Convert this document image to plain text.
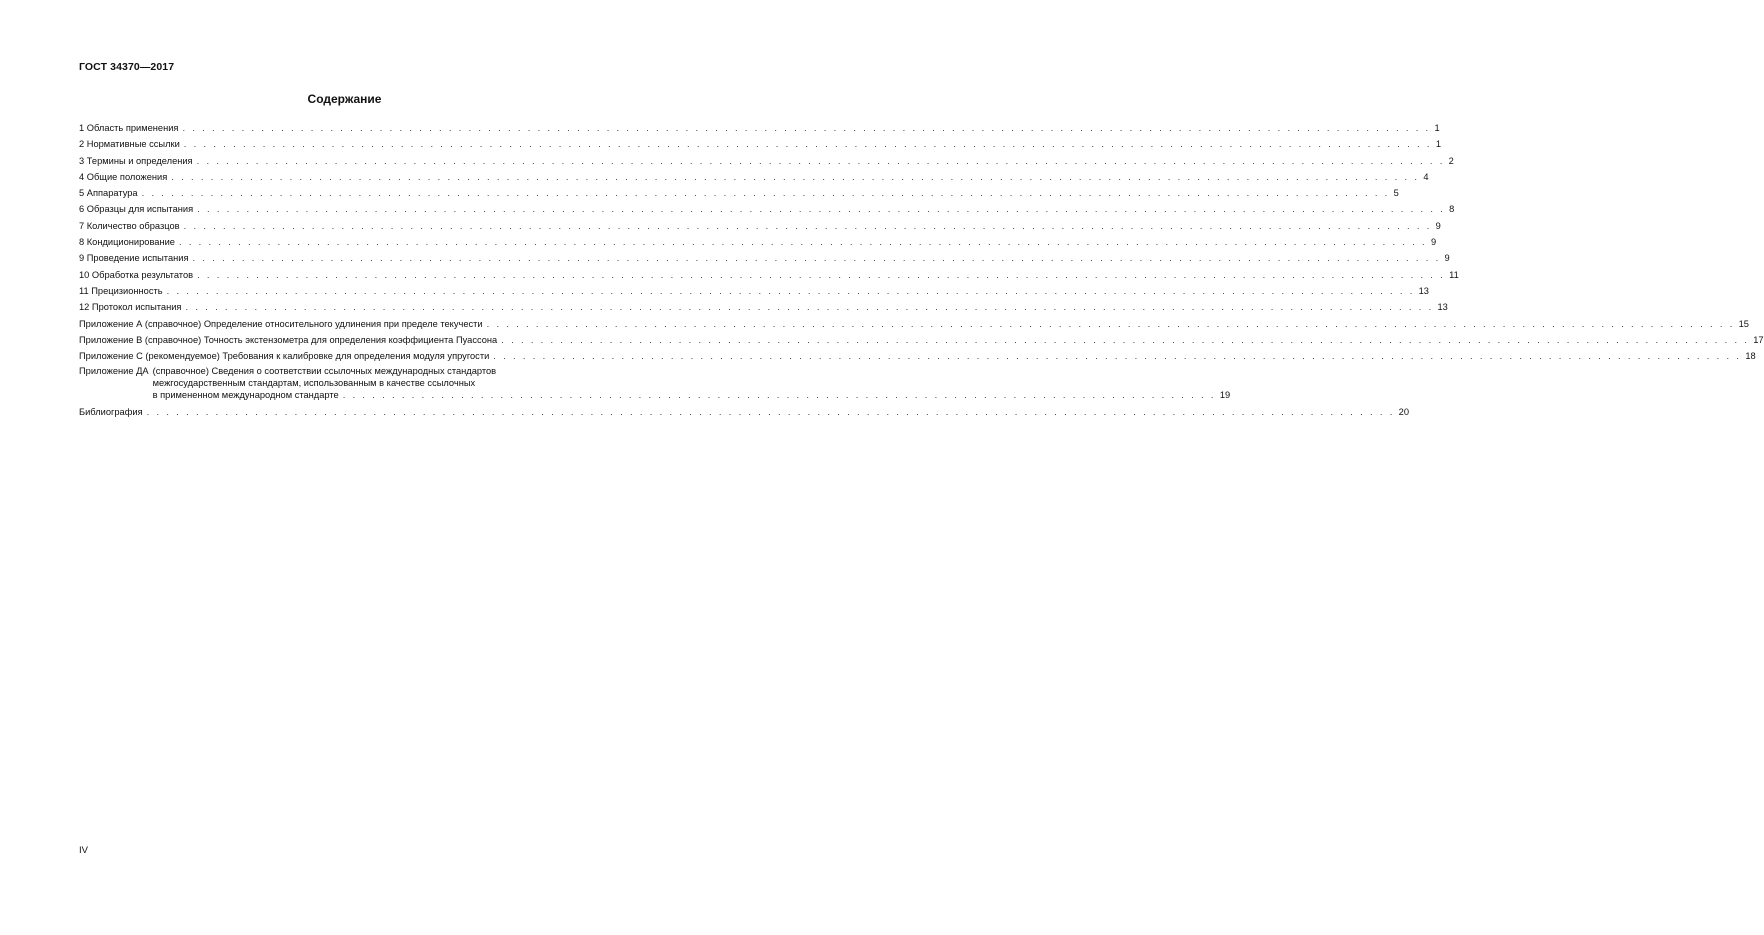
ГОСТ 34370—2017
Содержание
1 Область применения . . .	1
2 Нормативные ссылки . . .	1
3 Термины и определения . . .	2
4 Общие положения . . .	4
5 Аппаратура . . .	5
6 Образцы для испытания . . .	8
7 Количество образцов . . .	9
8 Кондиционирование . . .	9
9 Проведение испытания . . .	9
10 Обработка результатов . . .	11
11 Прецизионность . . .	13
12 Протокол испытания . . .	13
Приложение А (справочное) Определение относительного удлинения при пределе текучести . . .	15
Приложение В (справочное) Точность экстензометра для определения коэффициента Пуассона . . .	17
Приложение С (рекомендуемое) Требования к калибровке для определения модуля упругости . . .	18
Приложение ДА (справочное) Сведения о соответствии ссылочных международных стандартов
межгосударственным стандартам, использованным в качестве ссылочных
в примененном международном стандарте . . .	19
Библиография . . .	20
IV
